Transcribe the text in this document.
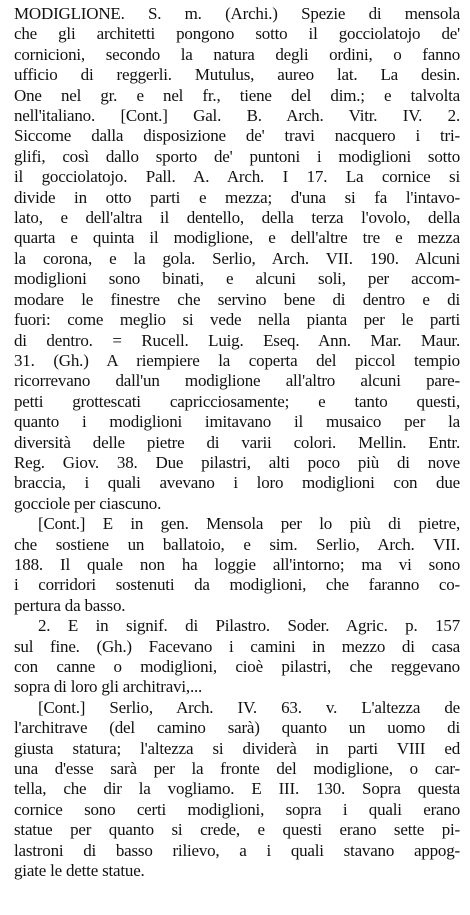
MODIGLIONE. S. m. (Archi.) Spezie di mensola
che gli architetti pongono sotto il gocciolatojo de'
cornicioni, secondo la natura degli ordini, o fanno
ufficio di reggerli. Mutulus, aureo lat. La desin.
One nel gr. e nel fr., tiene del dim.; e talvolta
nell'italiano. [Cont.] Gal. B. Arch. Vitr. IV. 2.
Siccome dalla disposizione de' travi nacquero i tri-
glifi, così dallo sporto de' puntoni i modiglioni sotto
il gocciolatojo. Pall. A. Arch. I 17. La cornice si
divide in otto parti e mezza; d'una si fa l'intavo-
lato, e dell'altra il dentello, della terza l'ovolo, della
quarta e quinta il modiglione, e dell'altre tre e mezza
la corona, e la gola. Serlio, Arch. VII. 190. Alcuni
modiglioni sono binati, e alcuni soli, per accom-
modare le finestre che servino bene di dentro e di
fuori: come meglio si vede nella pianta per le parti
di dentro. = Rucell. Luig. Eseq. Ann. Mar. Maur.
31. (Gh.) A riempiere la coperta del piccol tempio
ricorrevano dall'un modiglione all'altro alcuni pare-
petti grottescati capricciosamente; e tanto questi,
quanto i modiglioni imitavano il musaico per la
diversità delle pietre di varii colori. Mellin. Entr.
Reg. Giov. 38. Due pilastri, alti poco più di nove
braccia, i quali avevano i loro modiglioni con due
gocciole per ciascuno.
[Cont.] E in gen. Mensola per lo più di pietre,
che sostiene un ballatoio, e sim. Serlio, Arch. VII.
188. Il quale non ha loggie all'intorno; ma vi sono
i corridori sostenuti da modiglioni, che faranno co-
pertura da basso.
2. E in signif. di Pilastro. Soder. Agric. p. 157
sul fine. (Gh.) Facevano i camini in mezzo di casa
con canne o modiglioni, cioè pilastri, che reggevano
sopra di loro gli architravi,...
[Cont.] Serlio, Arch. IV. 63. v. L'altezza de
l'architrave (del camino sarà) quanto un uomo di
giusta statura; l'altezza si dividerà in parti VIII ed
una d'esse sarà per la fronte del modiglione, o car-
tella, che dir la vogliamo. E III. 130. Sopra questa
cornice sono certi modiglioni, sopra i quali erano
statue per quanto si crede, e questi erano sette pi-
lastroni di basso rilievo, a i quali stavano appog-
giate le dette statue.
